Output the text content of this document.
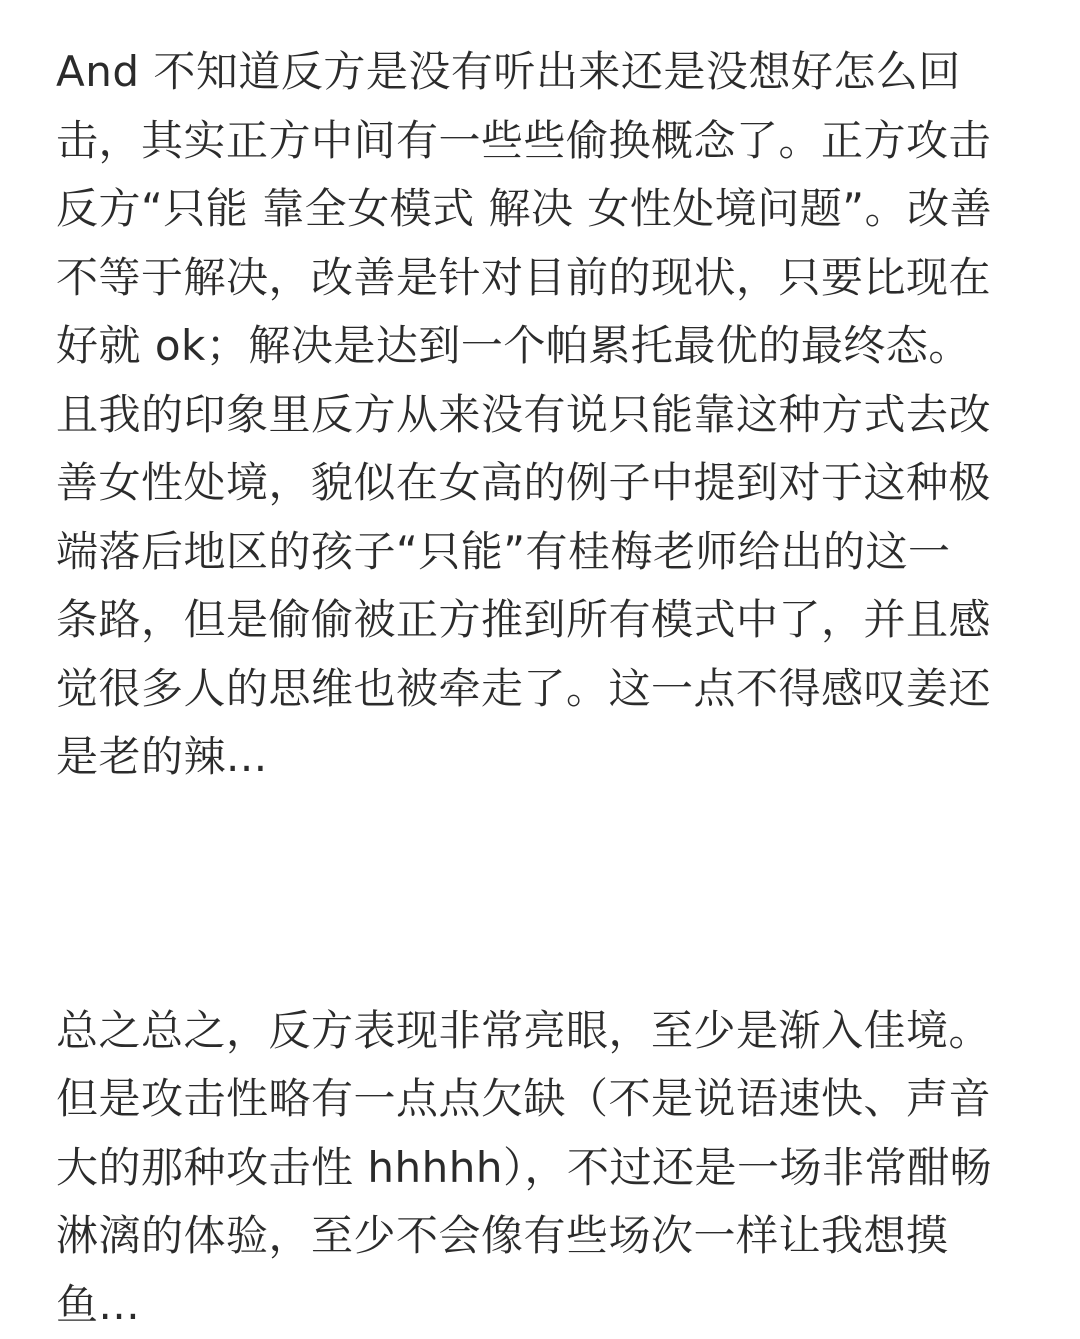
And 不知道反方是没有听出来还是没想好怎么回
击，其实正方中间有一些些偷换概念了。正方攻击
反方“只能 靠全女模式 解决 女性处境问题”。改善
不等于解决，改善是针对目前的现状，只要比现在
好就 ok；解决是达到一个帕累托最优的最终态。
且我的印象里反方从来没有说只能靠这种方式去改
善女性处境，貌似在女高的例子中提到对于这种极
端落后地区的孩子“只能”有桂梅老师给出的这一
条路，但是偷偷被正方推到所有模式中了，并且感
觉很多人的思维也被牵走了。这一点不得感叹姜还
是老的辣...
总之总之，反方表现非常亮眼，至少是渐入佳境。
但是攻击性略有一点点欠缺（不是说语速快、声音
大的那种攻击性 hhhhh），不过还是一场非常酣畅
淋漓的体验，至少不会像有些场次一样让我想摸
鱼...
